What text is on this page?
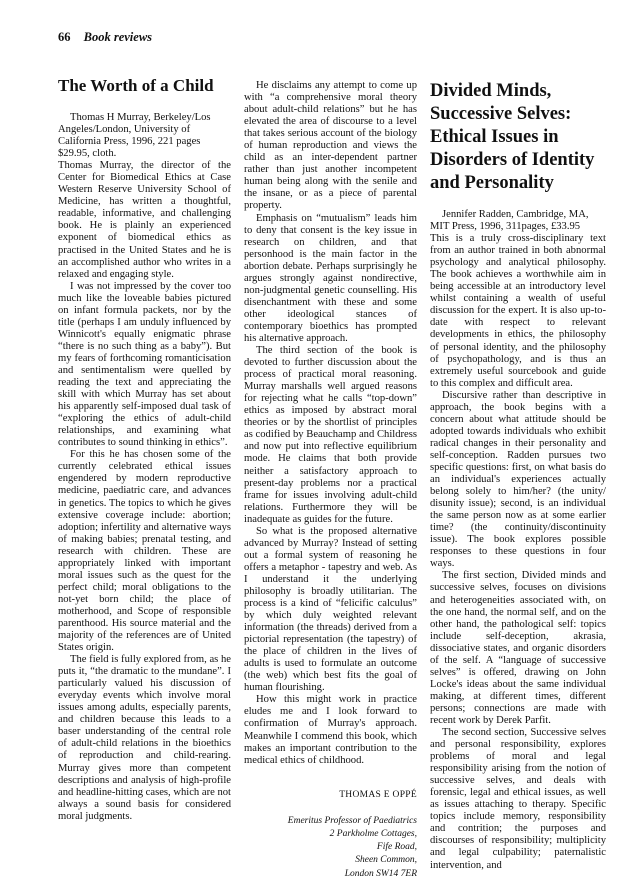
66 Book reviews
The Worth of a Child

Thomas H Murray, Berkeley/Los Angeles/London, University of California Press, 1996, 221 pages $29.95, cloth.

Thomas Murray, the director of the Center for Biomedical Ethics at Case Western Reserve University School of Medicine, has written a thoughtful, readable, informative, and challenging book. He is plainly an experienced exponent of biomedical ethics as practised in the United States and he is an accomplished author who writes in a relaxed and engaging style.

I was not impressed by the cover too much like the loveable babies pictured on infant formula packets, nor by the title (perhaps I am unduly influenced by Winnicott's equally enigmatic phrase “there is no such thing as a baby”). But my fears of forthcoming romanticisation and sentimentalism were quelled by reading the text and appreciating the skill with which Murray has set about his apparently self-imposed dual task of “exploring the ethics of adult-child relationships, and examining what contributes to sound thinking in ethics”.

For this he has chosen some of the currently celebrated ethical issues engendered by modern reproductive medicine, paediatric care, and advances in genetics. The topics to which he gives extensive coverage include: abortion; adoption; infertility and alternative ways of making babies; prenatal testing, and research with children. These are appropriately linked with important moral issues such as the quest for the perfect child; moral obligations to the not-yet born child; the place of motherhood, and Scope of responsible parenthood. His source material and the majority of the references are of United States origin.

The field is fully explored from, as he puts it, “the dramatic to the mundane”. I particularly valued his discussion of everyday events which involve moral issues among adults, especially parents, and children because this leads to a baser understanding of the central role of adult-child relations in the bioethics of reproduction and child-rearing. Murray gives more than competent descriptions and analysis of high-profile and headline-hitting cases, which are not always a sound basis for considered moral judgments.

He disclaims any attempt to come up with “a comprehensive moral theory about adult-child relations” but he has elevated the area of discourse to a level that takes serious account of the biology of human reproduction and views the child as an inter-dependent partner rather than just another incompetent human being along with the senile and the insane, or as a piece of parental property.

Emphasis on “mutualism” leads him to deny that consent is the key issue in research on children, and that personhood is the main factor in the abortion debate. Perhaps surprisingly he argues strongly against nondirective, non-judgmental genetic counselling. His disenchantment with these and some other ideological stances of contemporary bioethics has prompted his alternative approach.

The third section of the book is devoted to further discussion about the process of practical moral reasoning. Murray marshalls well argued reasons for rejecting what he calls “top-down” ethics as imposed by abstract moral theories or by the shortlist of principles as codified by Beauchamp and Childress and now put into reflective equilibrium mode. He claims that both provide neither a satisfactory approach to present-day problems nor a practical frame for issues involving adult-child relations. Furthermore they will be inadequate as guides for the future.

So what is the proposed alternative advanced by Murray? Instead of setting out a formal system of reasoning he offers a metaphor - tapestry and web. As I understand it the underlying philosophy is broadly utilitarian. The process is a kind of “felicific calculus” by which duly weighted relevant information (the threads) derived from a pictorial representation (the tapestry) of the place of children in the lives of adults is used to formulate an outcome (the web) which best fits the goal of human flourishing.

How this might work in practice eludes me and I look forward to confirmation of Murray's approach. Meanwhile I commend this book, which makes an important contribution to the medical ethics of childhood.

THOMAS E OPPÉ
Emeritus Professor of Paediatrics
2 Parkholme Cottages,
Fife Road,
Sheen Common,
London SW14 7ER
Divided Minds, Successive Selves: Ethical Issues in Disorders of Identity and Personality

Jennifer Radden, Cambridge, MA, MIT Press, 1996, 311pages, £33.95

This is a truly cross-disciplinary text from an author trained in both abnormal psychology and analytical philosophy. The book achieves a worthwhile aim in being accessible at an introductory level whilst containing a wealth of useful discussion for the expert. It is also up-to-date with respect to relevant developments in ethics, the philosophy of personal identity, and the philosophy of psychopathology, and is thus an extremely useful sourcebook and guide to this complex and difficult area.

Discursive rather than descriptive in approach, the book begins with a concern about what attitude should be adopted towards individuals who exhibit radical changes in their personality and self-conception. Radden pursues two specific questions: first, on what basis do an individual's experiences actually belong solely to him/her? (the unity/ disunity issue); second, is an individual the same person now as at some earlier time? (the continuity/discontinuity issue). The book explores possible responses to these questions in four ways.

The first section, Divided minds and successive selves, focuses on divisions and heterogeneities associated with, on the one hand, the normal self, and on the other hand, the pathological self: topics include self-deception, akrasia, dissociative states, and organic disorders of the self. A “language of successive selves” is offered, drawing on John Locke's ideas about the same individual making, at different times, different persons; connections are made with recent work by Derek Parfit.

The second section, Successive selves and personal responsibility, explores problems of moral and legal responsibility arising from the notion of successive selves, and deals with forensic, legal and ethical issues, as well as issues attaching to therapy. Specific topics include memory, responsibility and contrition; the purposes and discourses of responsibility; multiplicity and legal culpability; paternalistic intervention, and
